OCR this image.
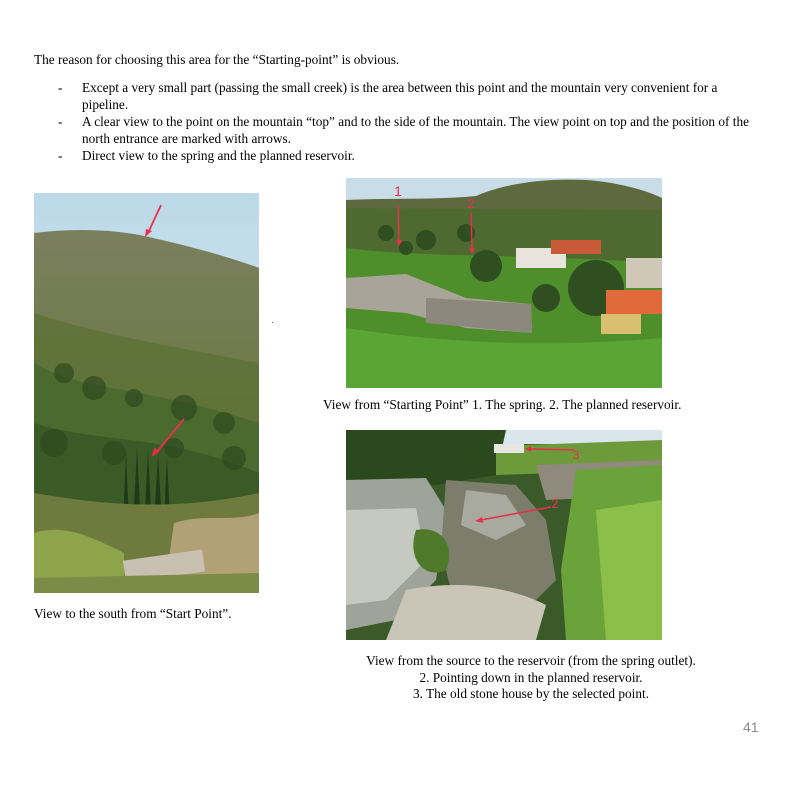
The reason for choosing this area for the “Starting-point” is obvious.
- Except a very small part (passing the small creek) is the area between this point and the mountain very convenient for a pipeline.
- A clear view to the point on the mountain “top” and to the side of the mountain. The view point on top and the position of the north entrance are marked with arrows.
- Direct view to the spring and the planned reservoir.
View to the south from “Start Point”.
1
2
View from “Starting Point” 1. The spring. 2. The planned reservoir.
3
2
View from the source to the reservoir (from the spring outlet).
2. Pointing down in the planned reservoir.
3. The old stone house by the selected point.
41
